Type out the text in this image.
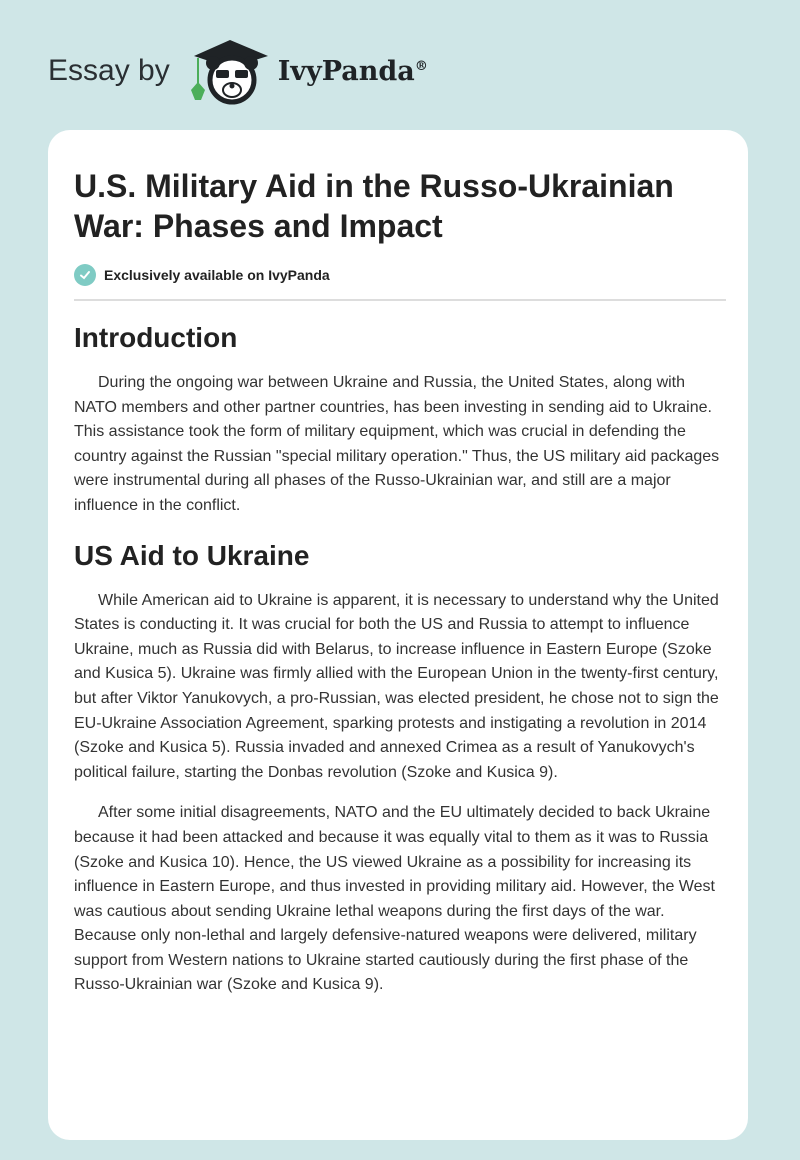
Essay by	IvyPanda®
U.S. Military Aid in the Russo-Ukrainian War: Phases and Impact
Exclusively available on IvyPanda
Introduction

During the ongoing war between Ukraine and Russia, the United States, along with NATO members and other partner countries, has been investing in sending aid to Ukraine. This assistance took the form of military equipment, which was crucial in defending the country against the Russian "special military operation." Thus, the US military aid packages were instrumental during all phases of the Russo-Ukrainian war, and still are a major influence in the conflict.

US Aid to Ukraine

While American aid to Ukraine is apparent, it is necessary to understand why the United States is conducting it. It was crucial for both the US and Russia to attempt to influence Ukraine, much as Russia did with Belarus, to increase influence in Eastern Europe (Szoke and Kusica 5). Ukraine was firmly allied with the European Union in the twenty-first century, but after Viktor Yanukovych, a pro-Russian, was elected president, he chose not to sign the EU-Ukraine Association Agreement, sparking protests and instigating a revolution in 2014 (Szoke and Kusica 5). Russia invaded and annexed Crimea as a result of Yanukovych's political failure, starting the Donbas revolution (Szoke and Kusica 9).

After some initial disagreements, NATO and the EU ultimately decided to back Ukraine because it had been attacked and because it was equally vital to them as it was to Russia (Szoke and Kusica 10). Hence, the US viewed Ukraine as a possibility for increasing its influence in Eastern Europe, and thus invested in providing military aid. However, the West was cautious about sending Ukraine lethal weapons during the first days of the war. Because only non-lethal and largely defensive-natured weapons were delivered, military support from Western nations to Ukraine started cautiously during the first phase of the Russo-Ukrainian war (Szoke and Kusica 9).
